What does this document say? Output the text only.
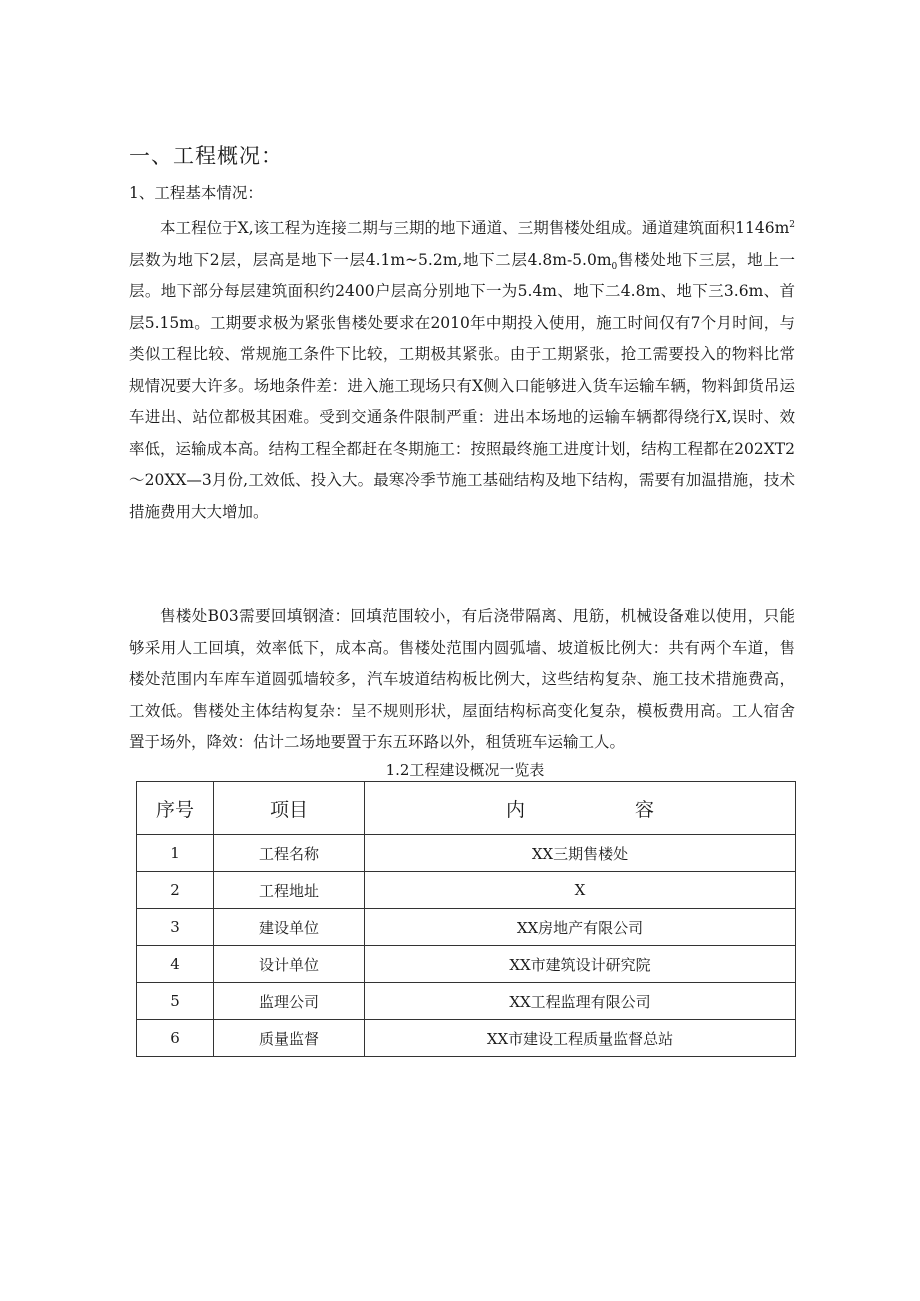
一、工程概况：
1、工程基本情况：

本工程位于X,该工程为连接二期与三期的地下通道、三期售楼处组成。通道建筑面积$1146m^2$层数为地下2层，层高是地下一层4.1m~5.2m,地下二层$4.8m-5.0m_0$售楼处地下三层，地上一层。地下部分每层建筑面积约2400户层高分别地下一为5.4m、地下二4.8m、地下三3.6m、首层5.15m。工期要求极为紧张售楼处要求在2010年中期投入使用，施工时间仅有7个月时间，与类似工程比较、常规施工条件下比较，工期极其紧张。由于工期紧张，抢工需要投入的物料比常规情况要大许多。场地条件差：进入施工现场只有X侧入口能够进入货车运输车辆，物料卸货吊运车进出、站位都极其困难。受到交通条件限制严重：进出本场地的运输车辆都得绕行X,误时、效率低，运输成本高。结构工程全都赶在冬期施工：按照最终施工进度计划，结构工程都在202XT2～20XX—3月份,工效低、投入大。最寒冷季节施工基础结构及地下结构，需要有加温措施，技术措施费用大大增加。

售楼处B03需要回填钢渣：回填范围较小，有后浇带隔离、甩筋，机械设备难以使用，只能够采用人工回填，效率低下，成本高。售楼处范围内圆弧墙、坡道板比例大：共有两个车道，售楼处范围内车库车道圆弧墙较多，汽车坡道结构板比例大，这些结构复杂、施工技术措施费高，工效低。售楼处主体结构复杂：呈不规则形状，屋面结构标高变化复杂，模板费用高。工人宿舍置于场外，降效：估计二场地要置于东五环路以外，租赁班车运输工人。

1.2工程建设概况一览表
序号	项目	内 容
1	工程名称	XX三期售楼处
2	工程地址	X
3	建设单位	XX房地产有限公司
4	设计单位	XX市建筑设计研究院
5	监理公司	XX工程监理有限公司
6	质量监督	XX市建设工程质量监督总站
